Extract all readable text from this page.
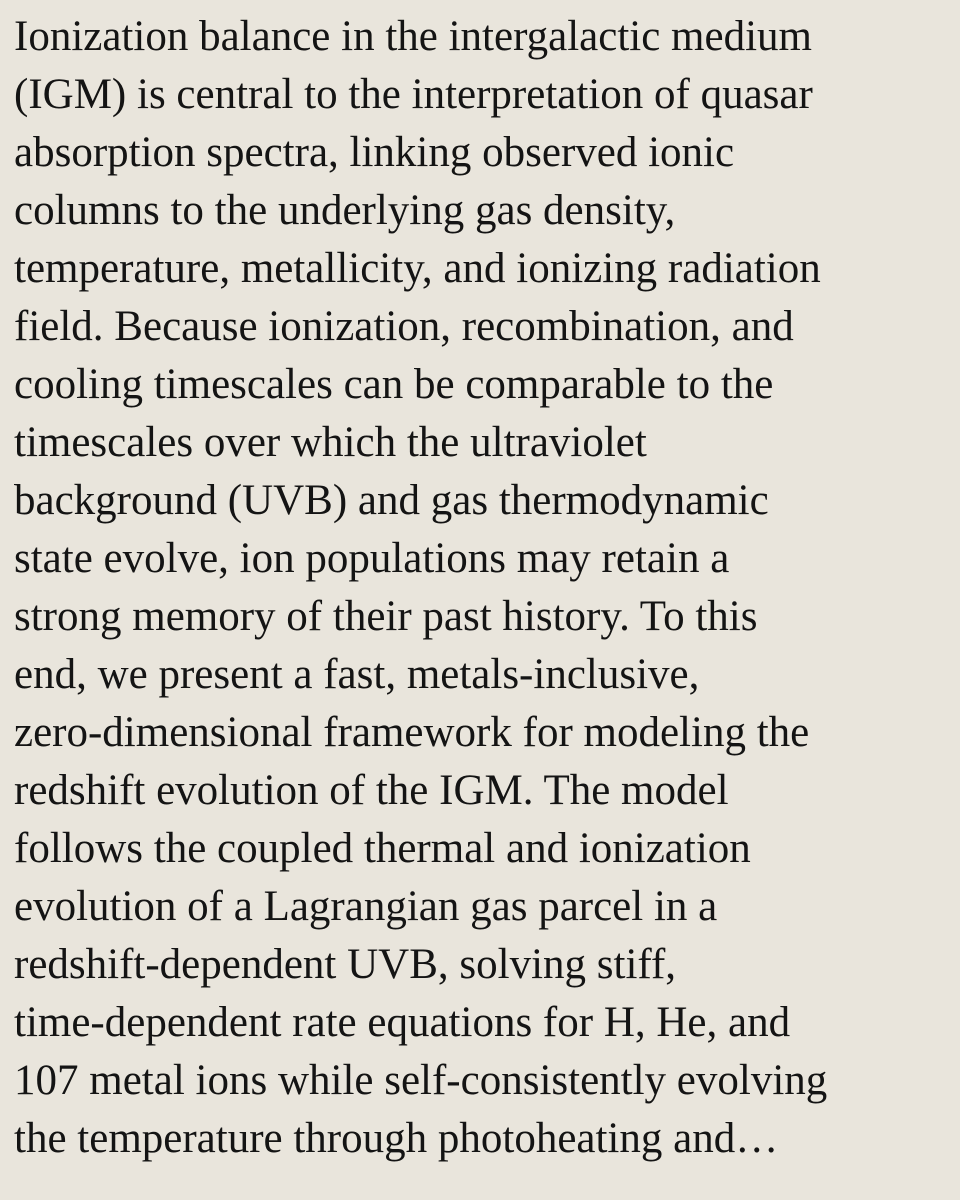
Ionization balance in the intergalactic medium
(IGM) is central to the interpretation of quasar
absorption spectra, linking observed ionic
columns to the underlying gas density,
temperature, metallicity, and ionizing radiation
field. Because ionization, recombination, and
cooling timescales can be comparable to the
timescales over which the ultraviolet
background (UVB) and gas thermodynamic
state evolve, ion populations may retain a
strong memory of their past history. To this
end, we present a fast, metals-inclusive,
zero-dimensional framework for modeling the
redshift evolution of the IGM. The model
follows the coupled thermal and ionization
evolution of a Lagrangian gas parcel in a
redshift-dependent UVB, solving stiff,
time-dependent rate equations for H, He, and
107 metal ions while self-consistently evolving
the temperature through photoheating and…
